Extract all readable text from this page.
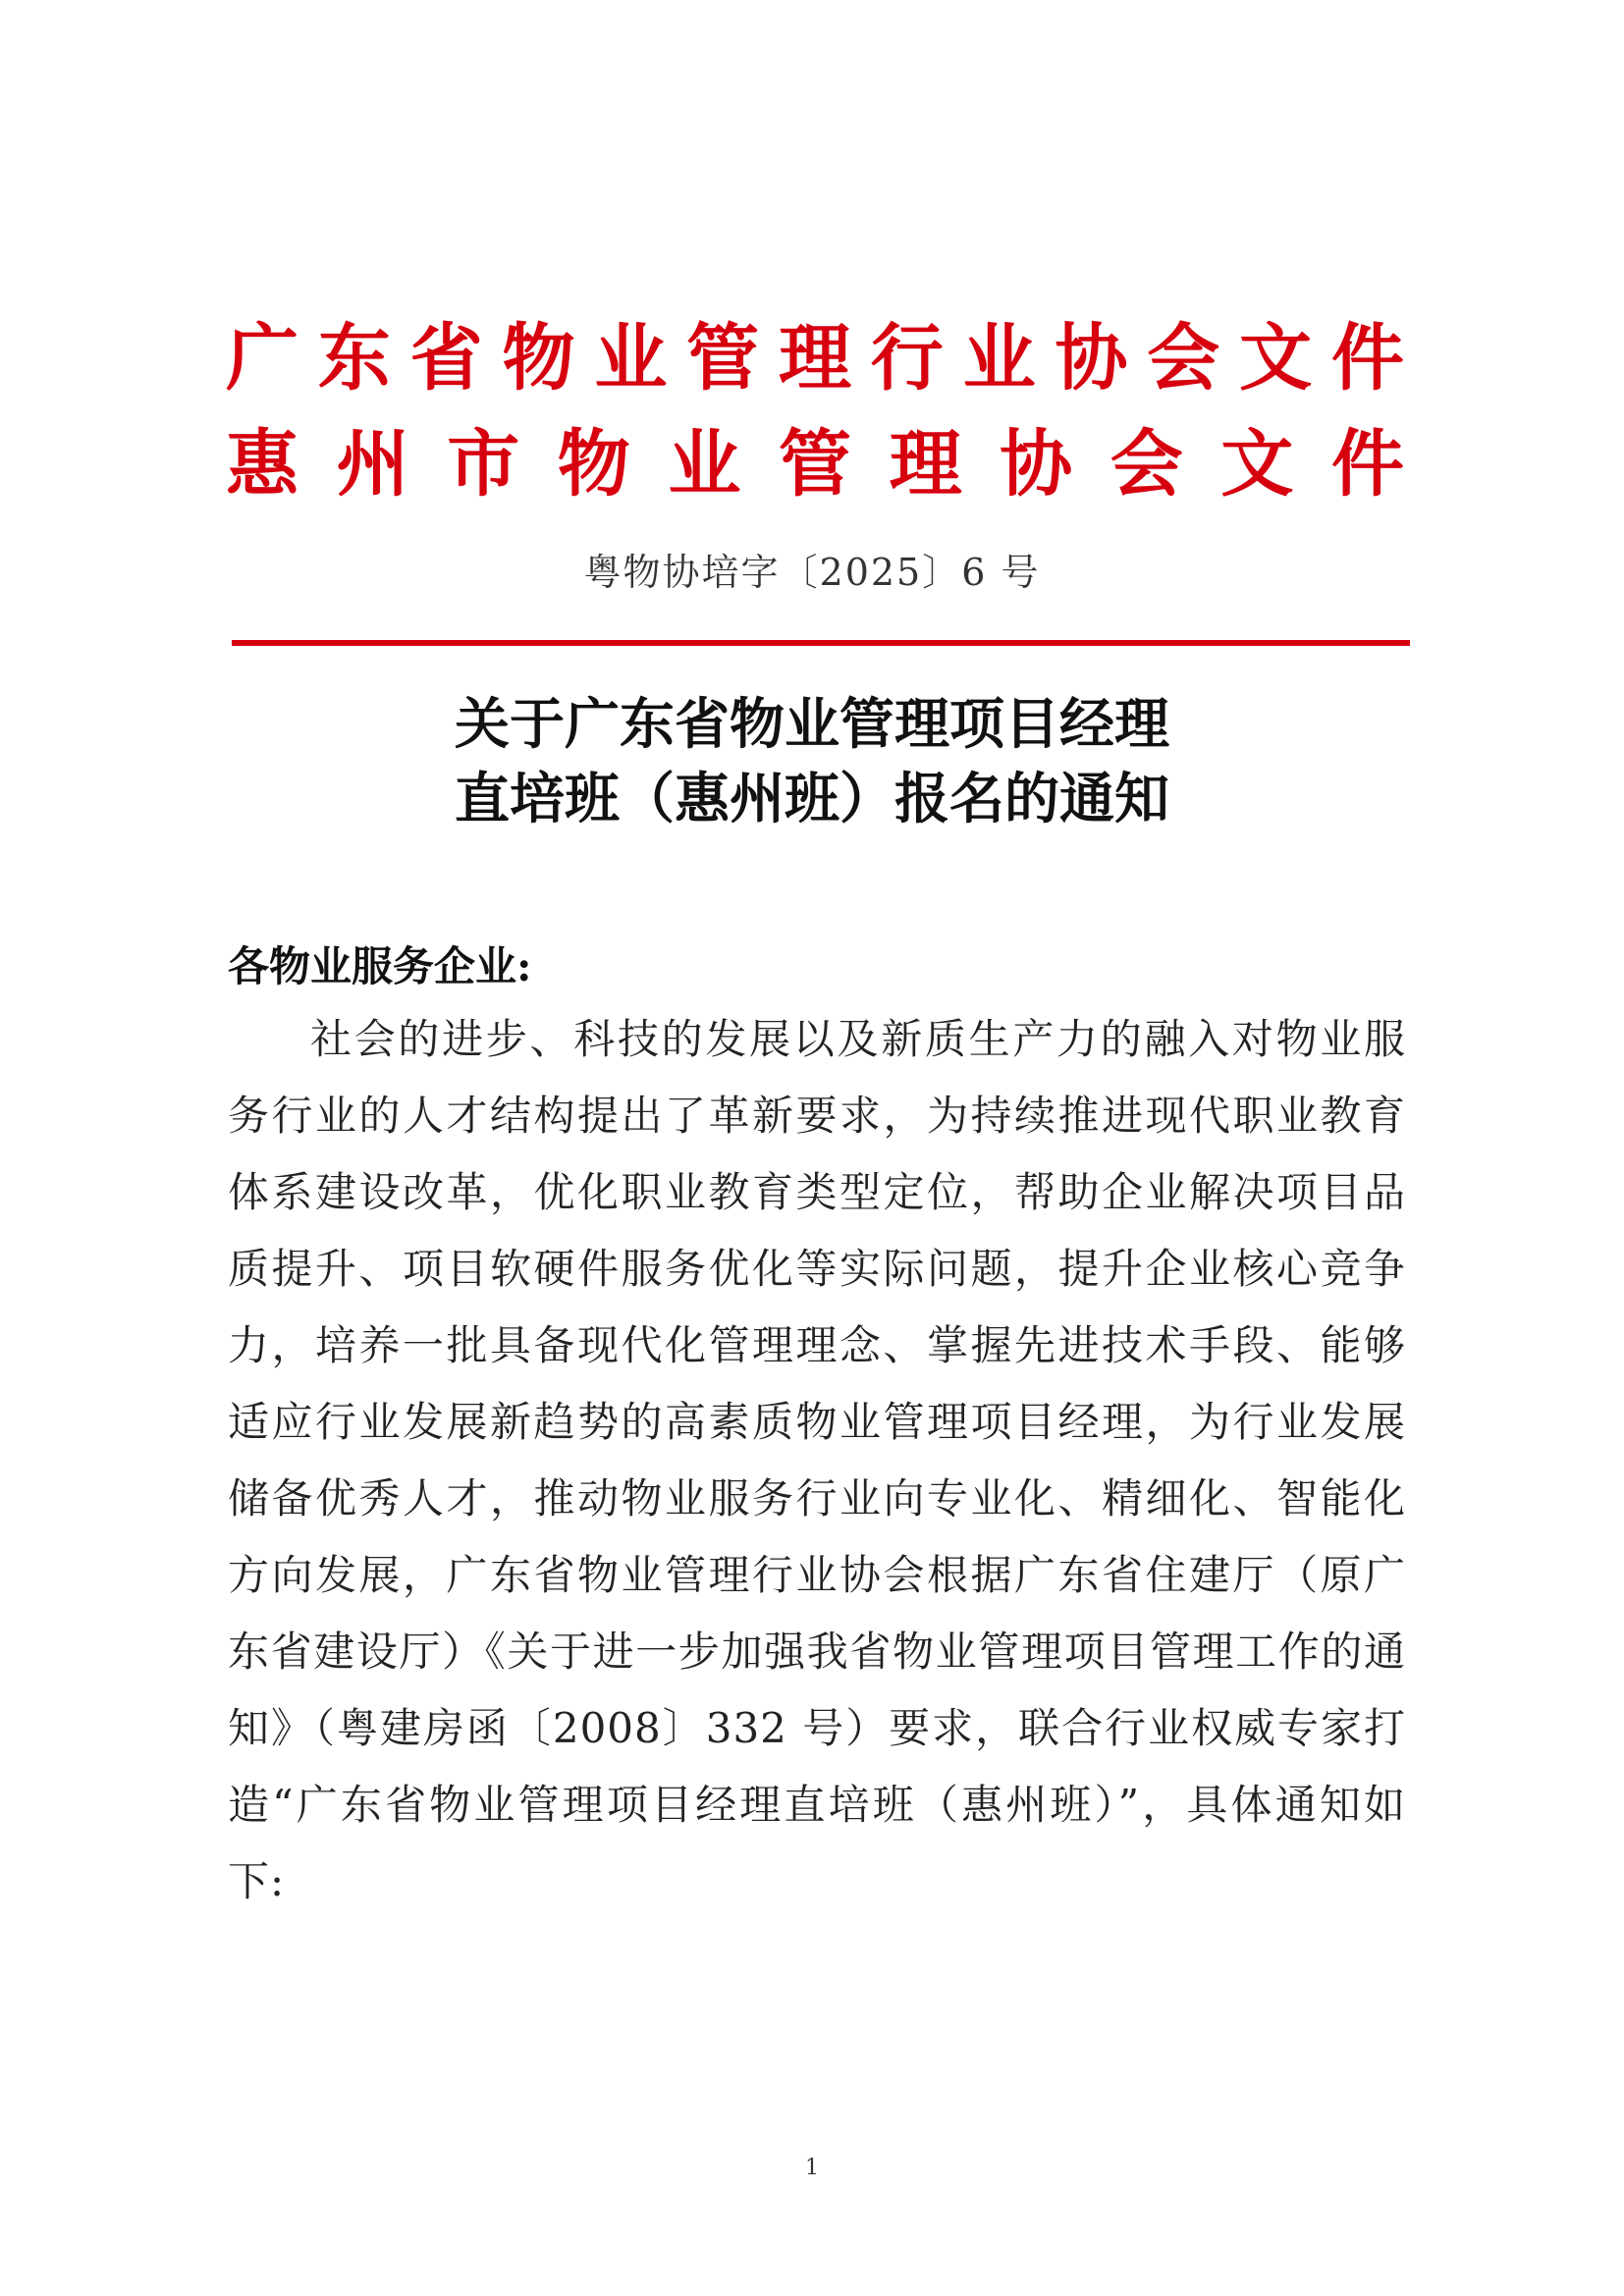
广 东 省 物 业 管 理 行 业 协 会 文 件
惠 州 市 物 业 管 理 协 会 文 件
粤物协培字〔2025〕6 号
关于广东省物业管理项目经理
直培班（惠州班）报名的通知
各物业服务企业:
社会的进步、科技的发展以及新质生产力的融入对物业服务行业的人才结构提出了革新要求，为持续推进现代职业教育体系建设改革，优化职业教育类型定位，帮助企业解决项目品质提升、项目软硬件服务优化等实际问题，提升企业核心竞争力，培养一批具备现代化管理理念、掌握先进技术手段、能够适应行业发展新趋势的高素质物业管理项目经理，为行业发展储备优秀人才，推动物业服务行业向专业化、精细化、智能化方向发展，广东省物业管理行业协会根据广东省住建厅（原广东省建设厅）《关于进一步加强我省物业管理项目管理工作的通知》（粤建房函〔2008〕332 号）要求，联合行业权威专家打造“广东省物业管理项目经理直培班（惠州班）”，具体通知如下:
1
